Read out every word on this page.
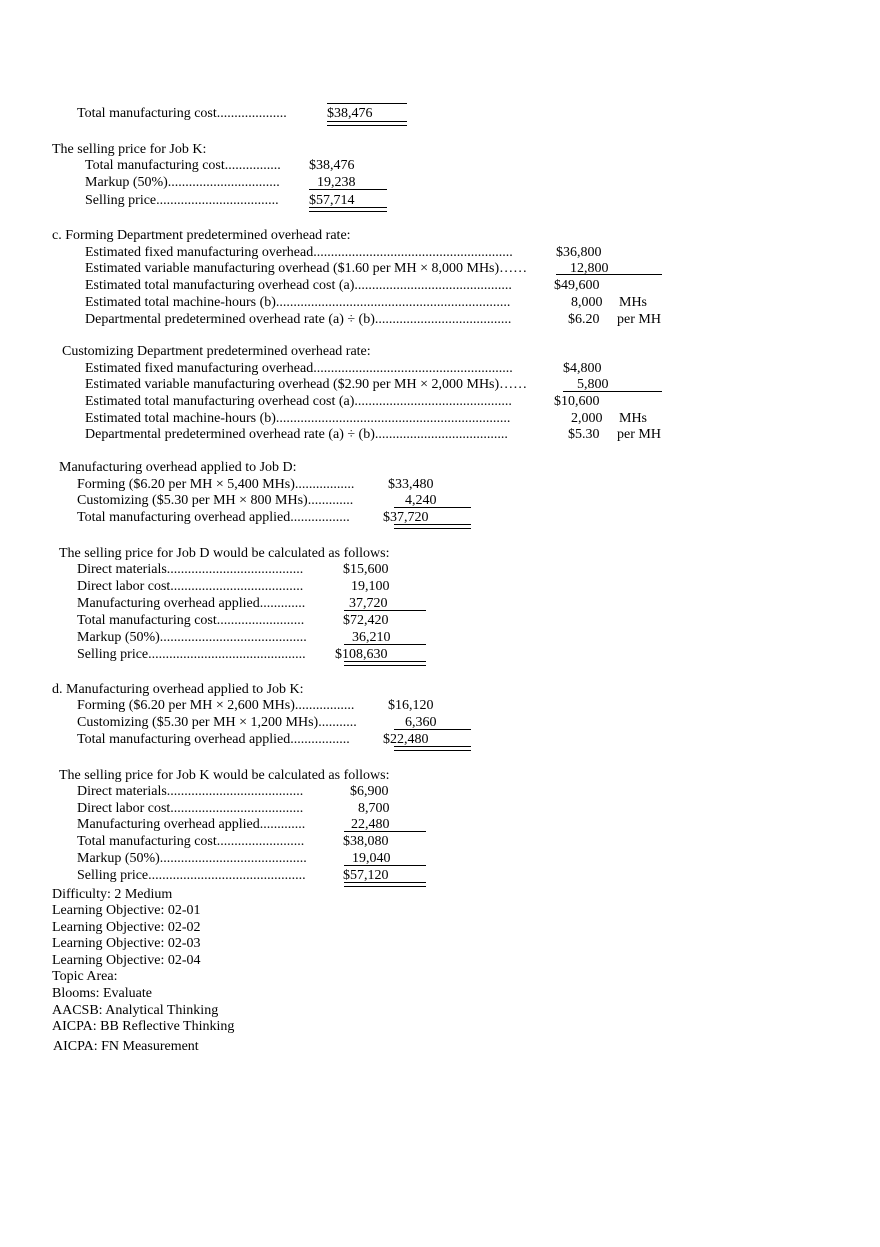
Total manufacturing cost....................	$38,476
The selling price for Job K:
Total manufacturing cost................ $38,476
Markup (50%)................................	19,238
Selling price................................... $57,714
c. Forming Department predetermined overhead rate:
Estimated fixed manufacturing overhead.........................................................	$36,800
Estimated variable manufacturing overhead ($1.60 per MH × 8,000 MHs)……	12,800
Estimated total manufacturing overhead cost (a).............................................	$49,600
Estimated total machine-hours (b)...................................................................	8,000 MHs
Departmental predetermined overhead rate (a) ÷ (b).......................................	$6.20 per MH
Customizing Department predetermined overhead rate:
Estimated fixed manufacturing overhead.........................................................	$4,800
Estimated variable manufacturing overhead ($2.90 per MH × 2,000 MHs)……	5,800
Estimated total manufacturing overhead cost (a).............................................	$10,600
Estimated total machine-hours (b)...................................................................	2,000 MHs
Departmental predetermined overhead rate (a) ÷ (b)......................................	$5.30 per MH
Manufacturing overhead applied to Job D:
Forming ($6.20 per MH × 5,400 MHs)................. $33,480
Customizing ($5.30 per MH × 800 MHs).............	4,240
Total manufacturing overhead applied................. $37,720
The selling price for Job D would be calculated as follows:
Direct materials.......................................	$15,600
Direct labor cost......................................	19,100
Manufacturing overhead applied.............	37,720
Total manufacturing cost.........................	$72,420
Markup (50%)..........................................	36,210
Selling price............................................. $108,630
d. Manufacturing overhead applied to Job K:
Forming ($6.20 per MH × 2,600 MHs)................. $16,120
Customizing ($5.30 per MH × 1,200 MHs)...........	6,360
Total manufacturing overhead applied................. $22,480
The selling price for Job K would be calculated as follows:
Direct materials.......................................	$6,900
Direct labor cost......................................	8,700
Manufacturing overhead applied.............	22,480
Total manufacturing cost.........................	$38,080
Markup (50%)..........................................	19,040
Selling price.............................................	$57,120
Difficulty: 2 Medium
Learning Objective: 02-01
Learning Objective: 02-02
Learning Objective: 02-03
Learning Objective: 02-04
Topic Area:
Blooms: Evaluate
AACSB: Analytical Thinking
AICPA: BB Reflective Thinking
AICPA: FN Measurement
